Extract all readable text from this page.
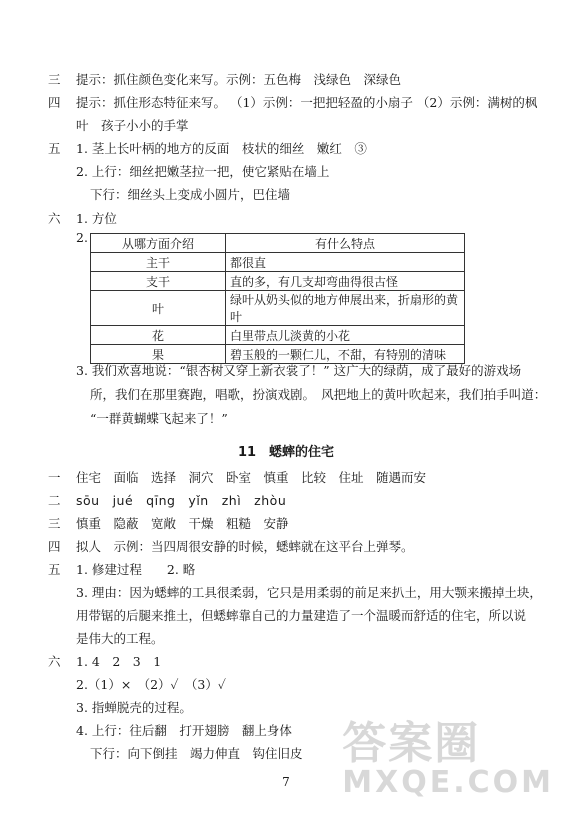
三 提示：抓住颜色变化来写。示例：五色梅　浅绿色　深绿色
四 提示：抓住形态特征来写。 （1）示例：一把把轻盈的小扇子 （2）示例：满树的枫
叶　孩子小小的手掌
五 1. 茎上长叶柄的地方的反面　枝状的细丝　嫩红　③
2. 上行：细丝把嫩茎拉一把，使它紧贴在墙上
下行：细丝头上变成小圆片，巴住墙
六 1. 方位
2.	从哪方面介绍	有什么特点
主干	都很直
支干	直的多，有几支却弯曲得很古怪
叶	绿叶从奶头似的地方伸展出来，折扇形的黄叶
花	白里带点儿淡黄的小花
果	碧玉般的一颗仁儿，不甜，有特别的清味
3. 我们欢喜地说：“银杏树又穿上新衣裳了！” 这广大的绿荫，成了最好的游戏场
所，我们在那里赛跑，唱歌，扮演戏剧。　风把地上的黄叶吹起来，我们拍手叫道：
“一群黄蝴蝶飞起来了！”
11　蟋蟀的住宅
一 住宅　面临　选择　洞穴　卧室　慎重　比较　住址　随遇而安
二 sōu　jué　qīng　yǐn　zhì　zhòu
三 慎重　隐蔽　宽敞　干燥　粗糙　安静
四 拟人　示例：当四周很安静的时候，蟋蟀就在这平台上弹琴。
五 1. 修建过程　　2. 略
3. 理由：因为蟋蟀的工具很柔弱，它只是用柔弱的前足来扒土，用大颚来搬掉土块，
用带锯的后腿来推土，但蟋蟀靠自己的力量建造了一个温暖而舒适的住宅，所以说
是伟大的工程。
六 1. 4　2　3　1
2.（1）×　（2）✓　（3）✓
3. 指蝉脱壳的过程。
4. 上行：往后翻　打开翅膀　翻上身体
下行：向下倒挂　竭力伸直　钩住旧皮
7
答案圈
MXQE.COM
